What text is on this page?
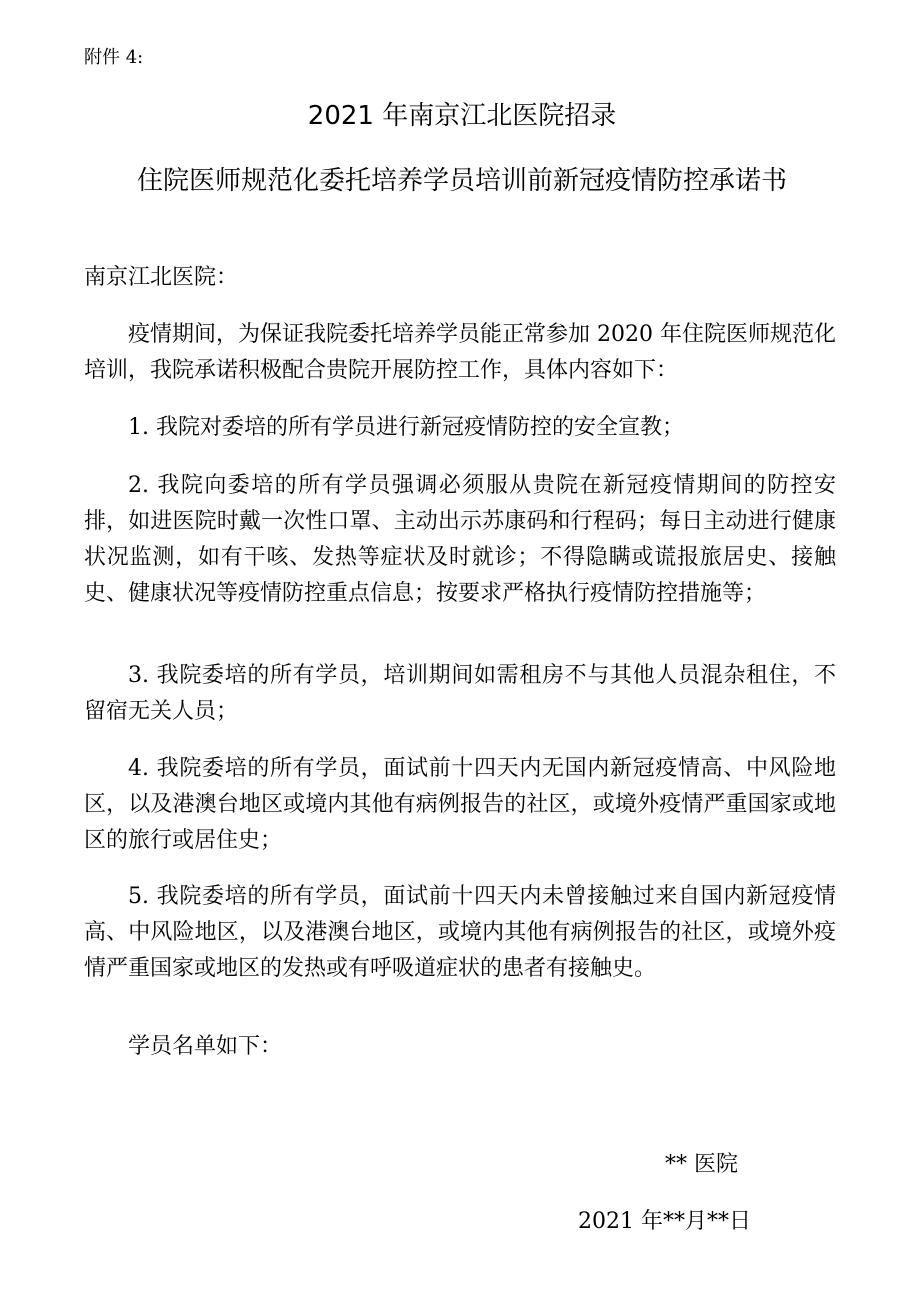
附件 4:
2021 年南京江北医院招录
住院医师规范化委托培养学员培训前新冠疫情防控承诺书
南京江北医院：

疫情期间，为保证我院委托培养学员能正常参加 2020 年住院医师规范化培训，我院承诺积极配合贵院开展防控工作，具体内容如下：

1. 我院对委培的所有学员进行新冠疫情防控的安全宣教；

2. 我院向委培的所有学员强调必须服从贵院在新冠疫情期间的防控安排，如进医院时戴一次性口罩、主动出示苏康码和行程码；每日主动进行健康状况监测，如有干咳、发热等症状及时就诊；不得隐瞒或谎报旅居史、接触史、健康状况等疫情防控重点信息；按要求严格执行疫情防控措施等；

3. 我院委培的所有学员，培训期间如需租房不与其他人员混杂租住，不留宿无关人员；

4. 我院委培的所有学员，面试前十四天内无国内新冠疫情高、中风险地区，以及港澳台地区或境内其他有病例报告的社区，或境外疫情严重国家或地区的旅行或居住史；

5. 我院委培的所有学员，面试前十四天内未曾接触过来自国内新冠疫情高、中风险地区，以及港澳台地区，或境内其他有病例报告的社区，或境外疫情严重国家或地区的发热或有呼吸道症状的患者有接触史。

学员名单如下：

** 医院
2021 年**月**日
